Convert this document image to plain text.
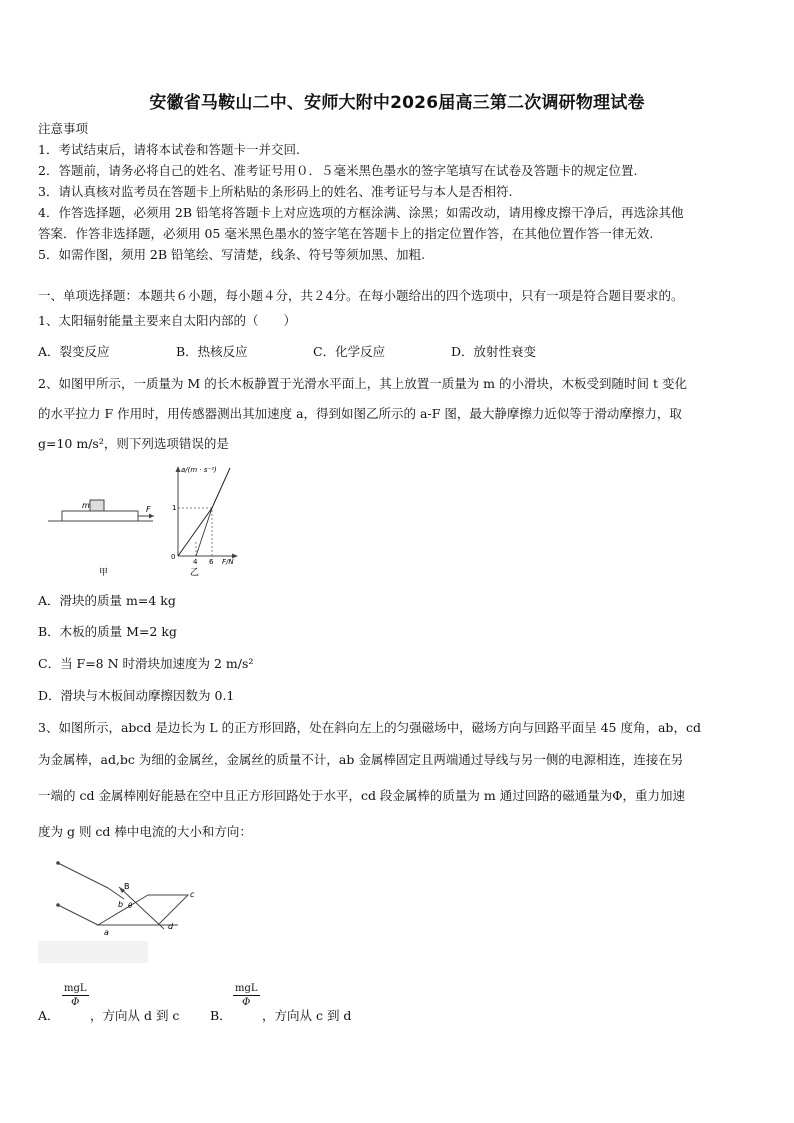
安徽省马鞍山二中、安师大附中2026届高三第二次调研物理试卷
注意事项
1．考试结束后，请将本试卷和答题卡一并交回.
2．答题前，请务必将自己的姓名、准考证号用０．５毫米黑色墨水的签字笔填写在试卷及答题卡的规定位置.
3．请认真核对监考员在答题卡上所粘贴的条形码上的姓名、准考证号与本人是否相符.
4．作答选择题，必须用 2B 铅笔将答题卡上对应选项的方框涂满、涂黑；如需改动，请用橡皮擦干净后，再选涂其他
答案．作答非选择题，必须用 05 毫米黑色墨水的签字笔在答题卡上的指定位置作答，在其他位置作答一律无效.
5．如需作图，须用 2B 铅笔绘、写清楚，线条、符号等须加黑、加粗.
一、单项选择题：本题共６小题，每小题４分，共２4分。在每小题给出的四个选项中，只有一项是符合题目要求的。
1、太阳辐射能量主要来自太阳内部的（　　）
A．裂变反应	B．热核反应	C．化学反应	D．放射性衰变
2、如图甲所示，一质量为 M 的长木板静置于光滑水平面上，其上放置一质量为 m 的小滑块，木板受到随时间 t 变化
的水平拉力 F 作用时，用传感器测出其加速度 a，得到如图乙所示的 a-F 图，最大静摩擦力近似等于滑动摩擦力，取
g=10 m/s²，则下列选项错误的是
m	F
甲
a/(m · s⁻²)
F/N
0
1
4 6
乙
A．滑块的质量 m=4 kg
B．木板的质量 M=2 kg
C．当 F=8 N 时滑块加速度为 2 m/s²
D．滑块与木板间动摩擦因数为 0.1
3、如图所示，abcd 是边长为 L 的正方形回路，处在斜向左上的匀强磁场中，磁场方向与回路平面呈 45 度角，ab，cd
为金属棒，ad,bc 为细的金属丝，金属丝的质量不计，ab 金属棒固定且两端通过导线与另一侧的电源相连，连接在另
一端的 cd 金属棒刚好能悬在空中且正方形回路处于水平，cd 段金属棒的质量为 m 通过回路的磁通量为Φ，重力加速
度为 g 则 cd 棒中电流的大小和方向：
B
b θ
c
a
d
A．
mgL
Φ
，方向从 d 到 c B．
mgL
Φ
，方向从 c 到 d
